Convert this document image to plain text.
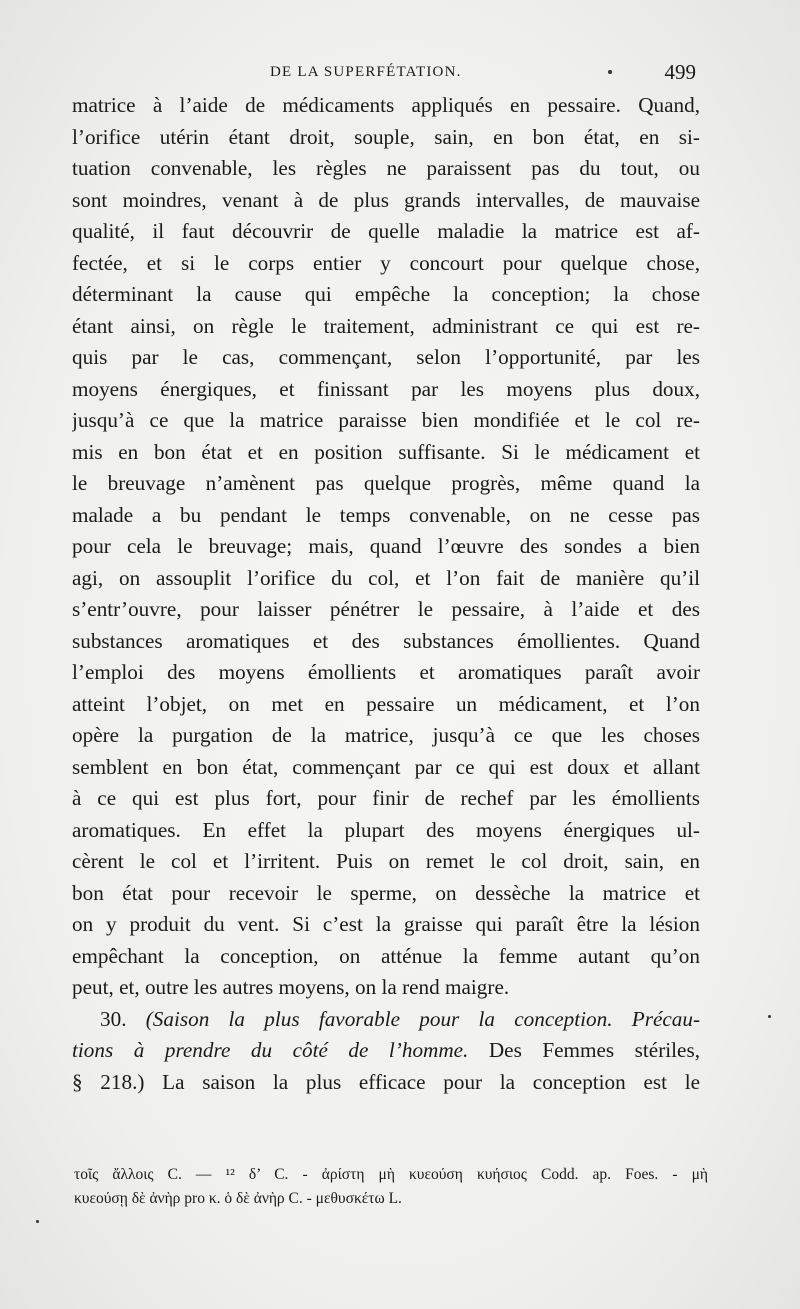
DE LA SUPERFÉTATION.	499
matrice à l’aide de médicaments appliqués en pessaire. Quand,
l’orifice utérin étant droit, souple, sain, en bon état, en si-
tuation convenable, les règles ne paraissent pas du tout, ou
sont moindres, venant à de plus grands intervalles, de mauvaise
qualité, il faut découvrir de quelle maladie la matrice est af-
fectée, et si le corps entier y concourt pour quelque chose,
déterminant la cause qui empêche la conception; la chose
étant ainsi, on règle le traitement, administrant ce qui est re-
quis par le cas, commençant, selon l’opportunité, par les
moyens énergiques, et finissant par les moyens plus doux,
jusqu’à ce que la matrice paraisse bien mondifiée et le col re-
mis en bon état et en position suffisante. Si le médicament et
le breuvage n’amènent pas quelque progrès, même quand la
malade a bu pendant le temps convenable, on ne cesse pas
pour cela le breuvage; mais, quand l’œuvre des sondes a bien
agi, on assouplit l’orifice du col, et l’on fait de manière qu’il
s’entr’ouvre, pour laisser pénétrer le pessaire, à l’aide et des
substances aromatiques et des substances émollientes. Quand
l’emploi des moyens émollients et aromatiques paraît avoir
atteint l’objet, on met en pessaire un médicament, et l’on
opère la purgation de la matrice, jusqu’à ce que les choses
semblent en bon état, commençant par ce qui est doux et allant
à ce qui est plus fort, pour finir de rechef par les émollients
aromatiques. En effet la plupart des moyens énergiques ul-
cèrent le col et l’irritent. Puis on remet le col droit, sain, en
bon état pour recevoir le sperme, on dessèche la matrice et
on y produit du vent. Si c’est la graisse qui paraît être la lésion
empêchant la conception, on atténue la femme autant qu’on
peut, et, outre les autres moyens, on la rend maigre.
30. (Saison la plus favorable pour la conception. Précau-
tions à prendre du côté de l’homme. Des Femmes stériles,
§ 218.) La saison la plus efficace pour la conception est le
τοῖς ἄλλοις C. — ¹² δ’ C. - ἀρίστη μὴ κυεούση κυήσιος Codd. ap. Foes. - μὴ
κυεούσῃ δὲ ἀνὴρ pro κ. ὁ δὲ ἀνὴρ C. - μεθυσκέτω L.
